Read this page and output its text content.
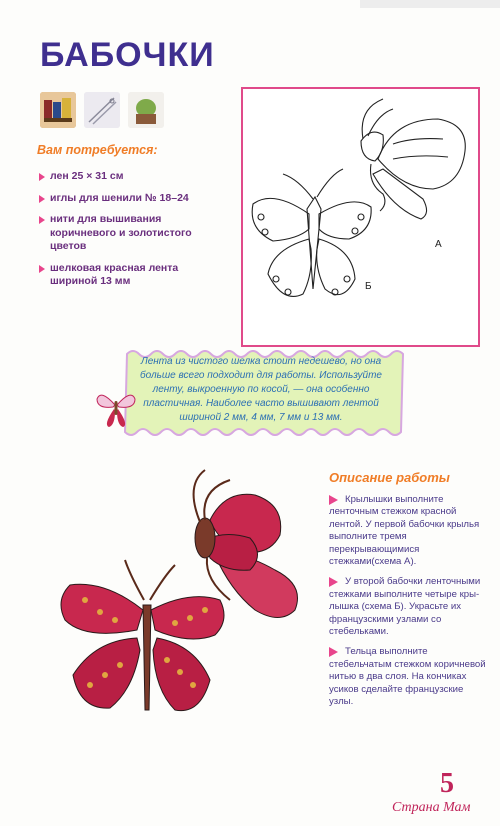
БАБОЧКИ
Вам потребуется:
лен 25 × 31 см
иглы для шенили № 18–24
нити для вышивания коричневого и золотистого цветов
шелковая красная лента шириной 13 мм
А
Б
Лента из чистого шелка стоит недешево, но она больше всего подходит для работы. Используйте ленту, выкроенную по косой, — она особенно пластичная. Наиболее часто вышивают лентой шириной 2 мм, 4 мм, 7 мм и 13 мм.
Описание работы
Крылышки выполните ленточным стежком красной лентой. У первой бабочки крылья выполните тремя перекрывающимися стежками(схема А).
У второй бабочки ленточными стежками выполните четыре кры-лышка (схема Б). Украсьте их французскими узлами со стебельками.
Тельца выполните стебельчатым стежком коричневой нитью в два слоя. На кончиках усиков сделайте французские узлы.
5
Страна Мам
